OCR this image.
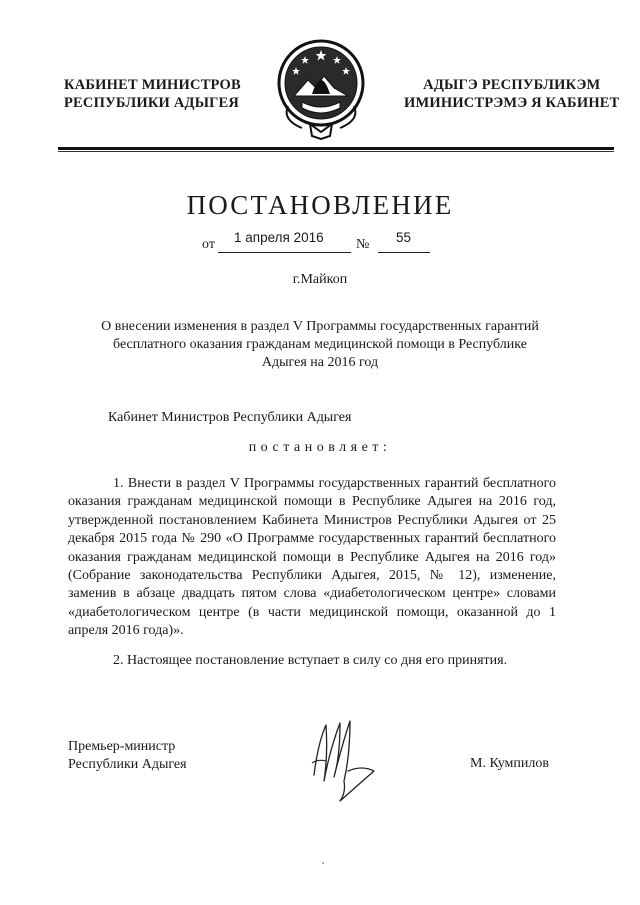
КАБИНЕТ МИНИСТРОВ
РЕСПУБЛИКИ АДЫГЕЯ
АДЫГЭ РЕСПУБЛИКЭМ
ИМИНИСТРЭМЭ Я КАБИНЕТ
ПОСТАНОВЛЕНИЕ
от 1 апреля 2016 № 55
г.Майкоп
О внесении изменения в раздел V Программы государственных гарантий
бесплатного оказания гражданам медицинской помощи в Республике
Адыгея на 2016 год
Кабинет Министров Республики Адыгея
постановляет:
1. Внести в раздел V Программы государственных гарантий бесплатного оказания гражданам медицинской помощи в Республике Адыгея на 2016 год, утвержденной постановлением Кабинета Министров Республики Адыгея от 25 декабря 2015 года № 290 «О Программе государственных гарантий бесплатного оказания гражданам медицинской помощи в Республике Адыгея на 2016 год» (Собрание законодательства Республики Адыгея, 2015, № 12), изменение, заменив в абзаце двадцать пятом слова «диабетологическом центре» словами «диабетологическом центре (в части медицинской помощи, оказанной до 1 апреля 2016 года)».
2. Настоящее постановление вступает в силу со дня его принятия.
Премьер-министр
Республики Адыгея	М. Кумпилов
